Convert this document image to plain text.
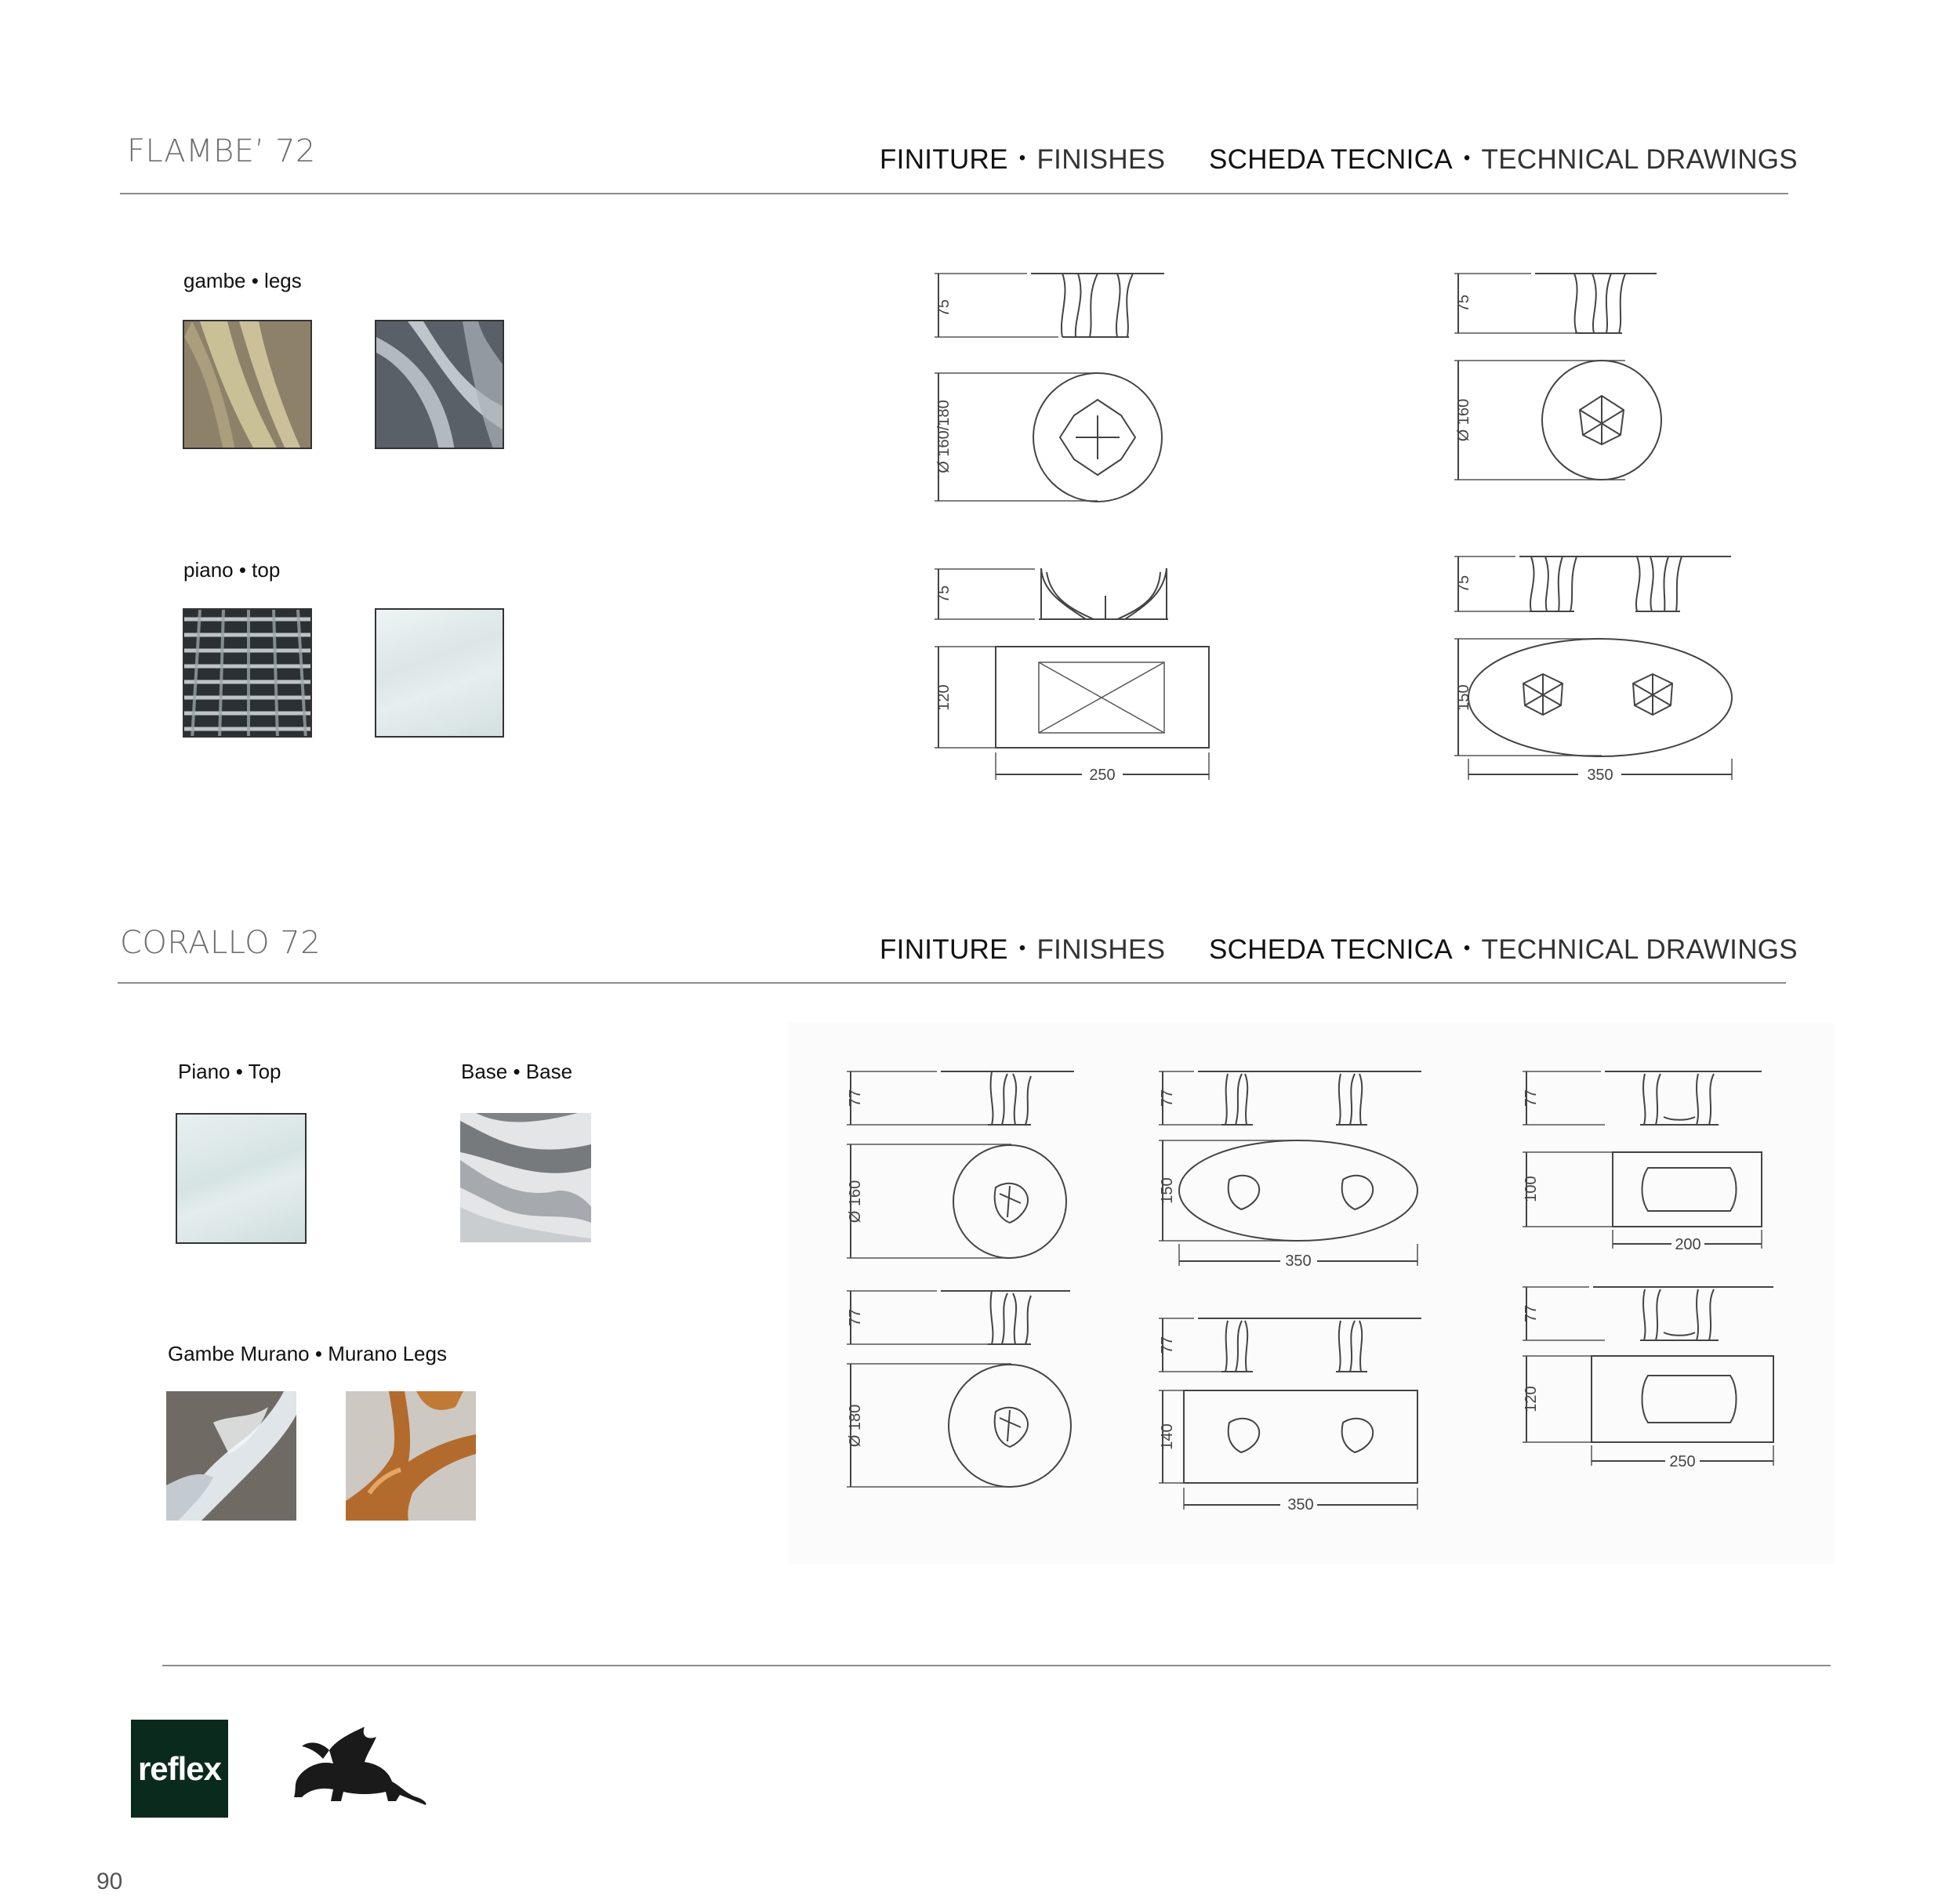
FLAMBE’ 72	FINITURE • FINISHES SCHEDA TECNICA • TECHNICAL DRAWINGS
gambe • legs
piano • top
75
Ø 160/180
75
Ø 160
75
120
250
75
150
350
CORALLO 72	FINITURE • FINISHES SCHEDA TECNICA • TECHNICAL DRAWINGS
Piano • Top	Base • Base
Gambe Murano • Murano Legs
77
Ø 160
77
Ø 180
77
150
350
77
140
350
77
100
200
77
120
250
reflex
90
